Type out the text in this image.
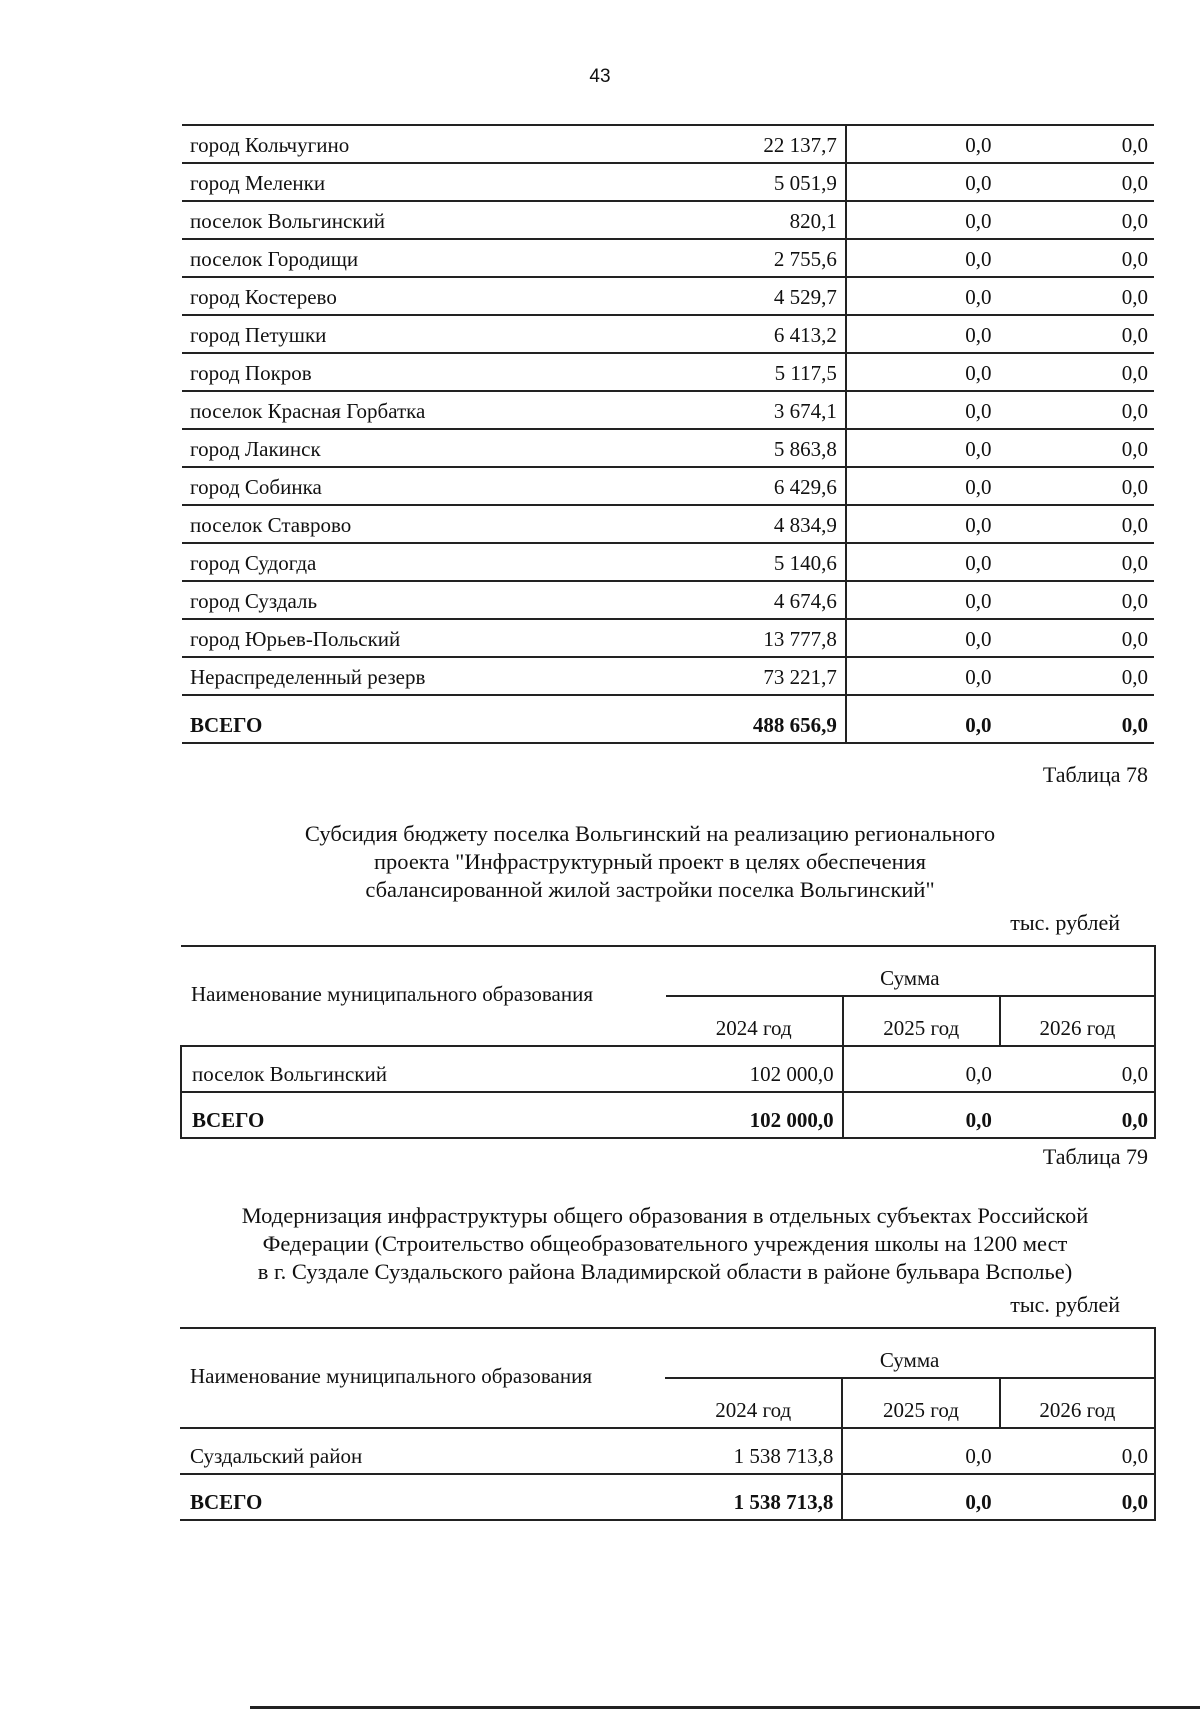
43
город Кольчугино	22 137,7	0,0	0,0
город Меленки	5 051,9	0,0	0,0
поселок Вольгинский	820,1	0,0	0,0
поселок Городищи	2 755,6	0,0	0,0
город Костерево	4 529,7	0,0	0,0
город Петушки	6 413,2	0,0	0,0
город Покров	5 117,5	0,0	0,0
поселок Красная Горбатка	3 674,1	0,0	0,0
город Лакинск	5 863,8	0,0	0,0
город Собинка	6 429,6	0,0	0,0
поселок Ставрово	4 834,9	0,0	0,0
город Судогда	5 140,6	0,0	0,0
город Суздаль	4 674,6	0,0	0,0
город Юрьев-Польский	13 777,8	0,0	0,0
Нераспределенный резерв	73 221,7	0,0	0,0
ВСЕГО	488 656,9	0,0	0,0
Таблица 78
Субсидия бюджету поселка Вольгинский на реализацию регионального
проекта "Инфраструктурный проект в целях обеспечения
сбалансированной жилой застройки поселка Вольгинский"
тыс. рублей
Наименование муниципального образования	Сумма		
	2024 год	2025 год	2026 год
поселок Вольгинский	102 000,0	0,0	0,0
ВСЕГО	102 000,0	0,0	0,0
Таблица 79
Модернизация инфраструктуры общего образования в отдельных субъектах Российской
Федерации (Строительство общеобразовательного учреждения школы на 1200 мест
в г. Суздале Суздальского района Владимирской области в районе бульвара Всполье)
тыс. рублей
Наименование муниципального образования	Сумма		
	2024 год	2025 год	2026 год
Суздальский район	1 538 713,8	0,0	0,0
ВСЕГО	1 538 713,8	0,0	0,0
